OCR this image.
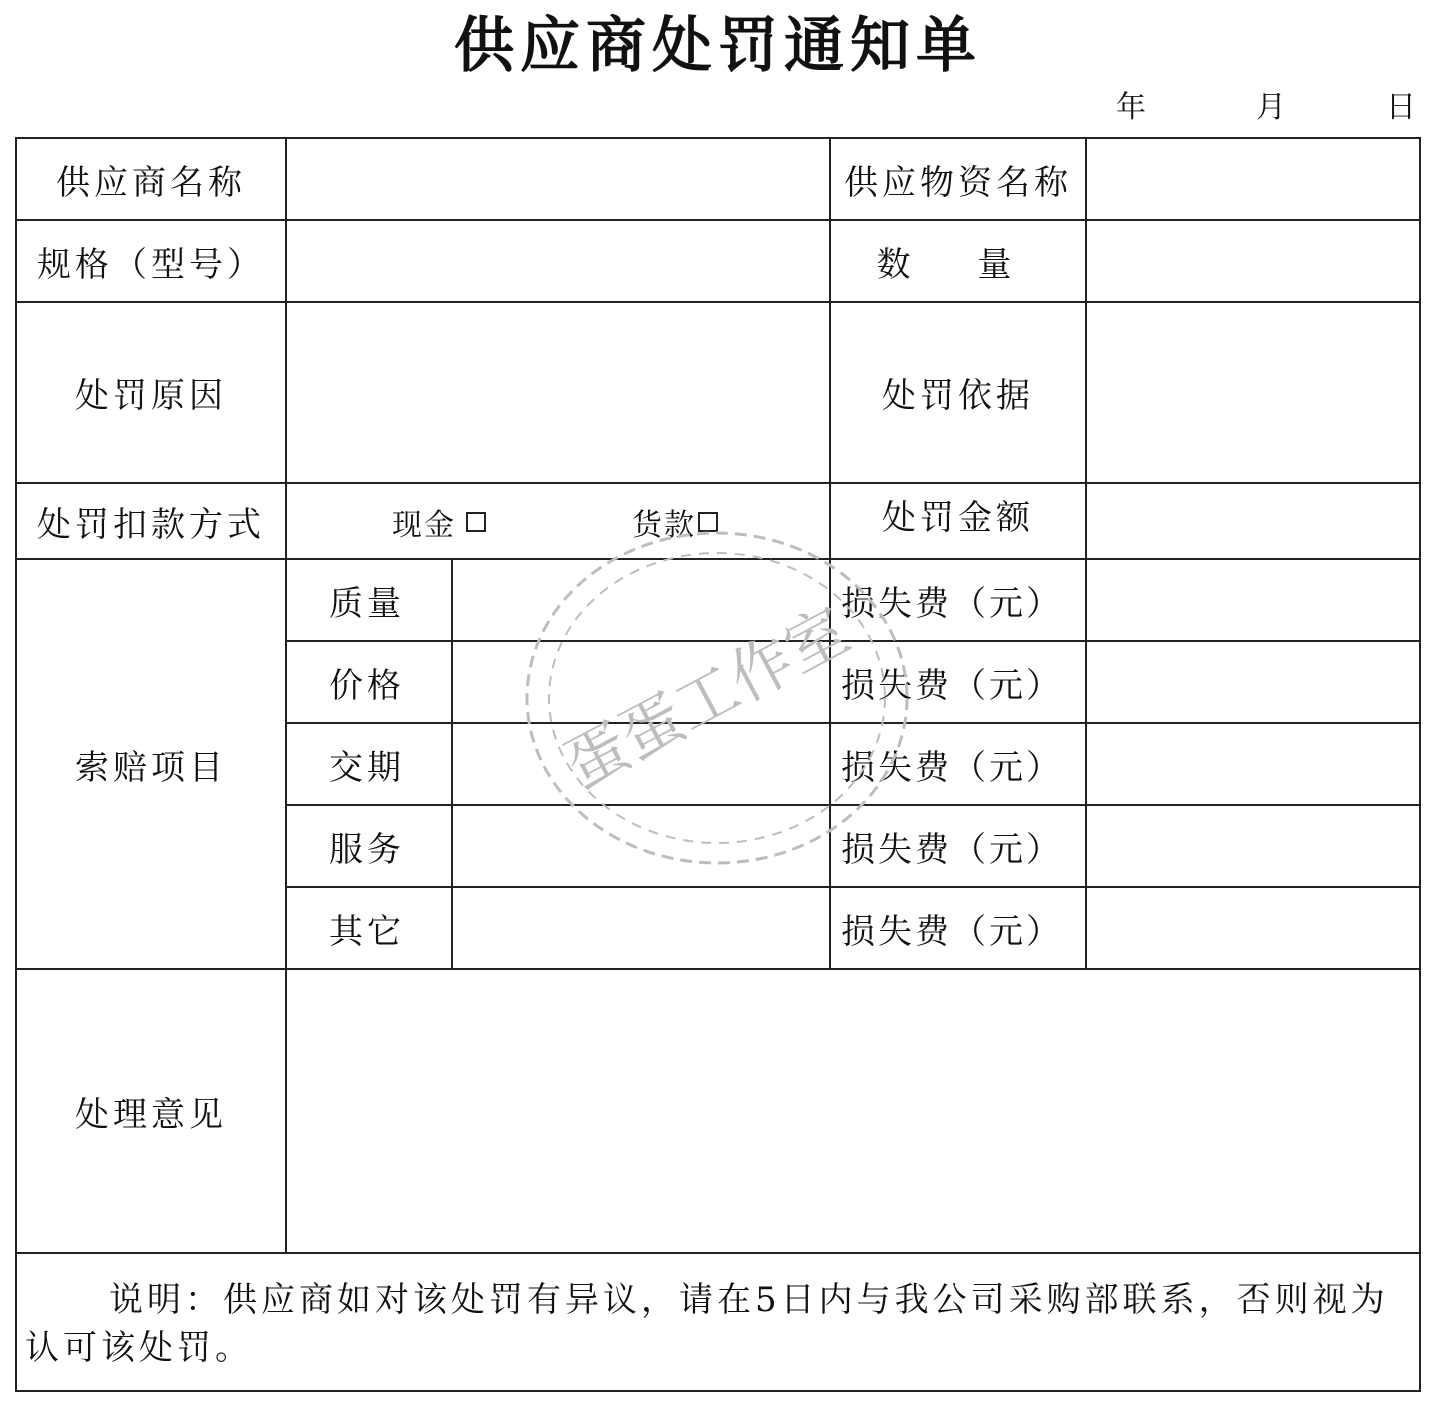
供应商处罚通知单
年	月	日
供应商名称			供应物资名称	
规格（型号）			数 量	
处罚原因			处罚依据	
处罚扣款方式	现金 货款		处罚金额	
索赔项目	质量		损失费（元）	
	价格		损失费（元）	
	交期		损失费（元）	
	服务		损失费（元）	
	其它		损失费（元）	
处理意见				
说明：供应商如对该处罚有异议，请在5日内与我公司采购部联系，否则视为认可该处罚。				
蛋蛋工作室
